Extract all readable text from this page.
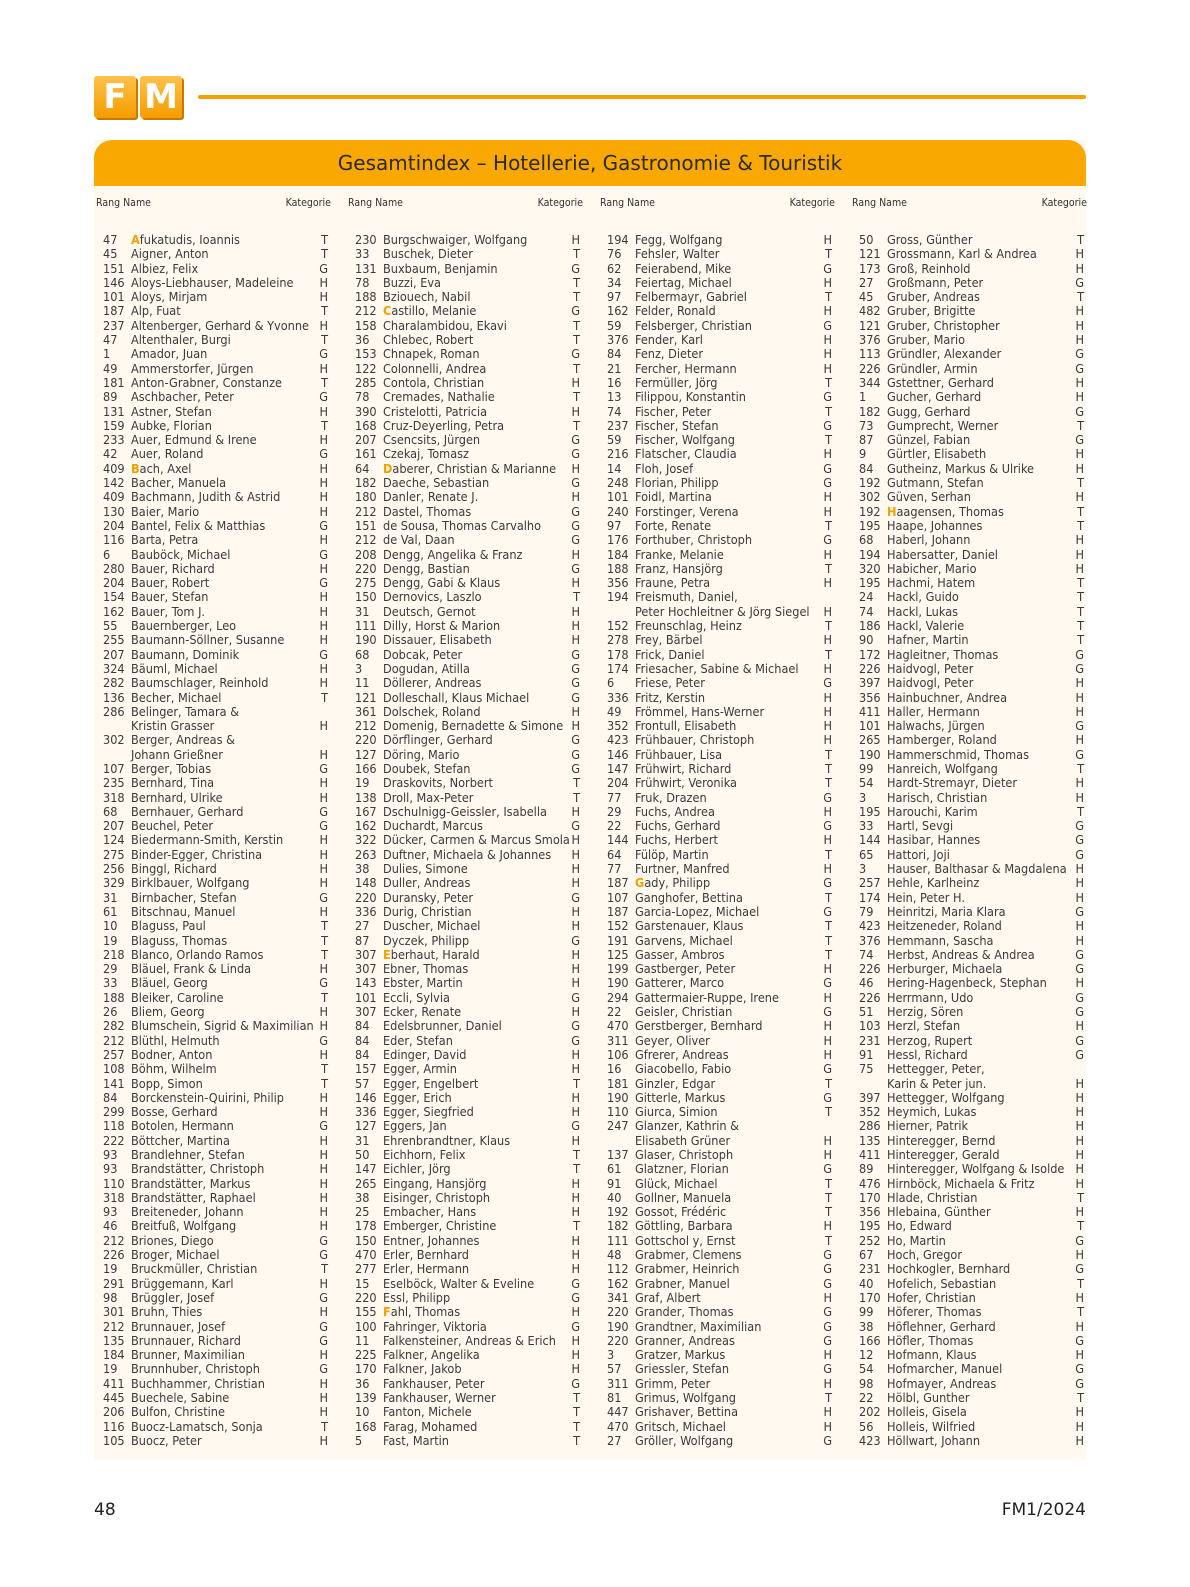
F M
Gesamtindex – Hotellerie, Gastronomie & Touristik
Rang Name	Kategorie Rang Name	Kategorie Rang Name	Kategorie Rang Name	Kategorie
47 Afukatudis, Ioannis	T
45 Aigner, Anton	T
151 Albiez, Felix	G
146 Aloys-Liebhauser, Madeleine H
101 Aloys, Mirjam	H
187 Alp, Fuat	T
237 Altenberger, Gerhard & Yvonne H
47 Altenthaler, Burgi	T
1 Amador, Juan	G
49 Ammerstorfer, Jürgen	H
181 Anton-Grabner, Constanze	T
89 Aschbacher, Peter	G
131 Astner, Stefan	H
159 Aubke, Florian	T
233 Auer, Edmund & Irene	H
42 Auer, Roland	G
409 Bach, Axel	H
142 Bacher, Manuela	H
409 Bachmann, Judith & Astrid	H
130 Baier, Mario	H
204 Bantel, Felix & Matthias	G
116 Barta, Petra	H
6 Bauböck, Michael	G
280 Bauer, Richard	H
204 Bauer, Robert	G
154 Bauer, Stefan	H
162 Bauer, Tom J.	H
55 Bauernberger, Leo	H
255 Baumann-Söllner, Susanne	H
207 Baumann, Dominik	G
324 Bäuml, Michael	H
282 Baumschlager, Reinhold	H
136 Becher, Michael	T
286 Belinger, Tamara &
Kristin Grasser	H
302 Berger, Andreas &
Johann Grießner	H
107 Berger, Tobias	G
235 Bernhard, Tina	H
318 Bernhard, Ulrike	H
68 Bernhauer, Gerhard	G
207 Beuchel, Peter	G
124 Biedermann-Smith, Kerstin	H
275 Binder-Egger, Christina	H
256 Binggl, Richard	H
329 Birklbauer, Wolfgang	H
31 Birnbacher, Stefan	G
61 Bitschnau, Manuel	H
10 Blaguss, Paul	T
19 Blaguss, Thomas	T
218 Blanco, Orlando Ramos	T
29 Bläuel, Frank & Linda	H
33 Bläuel, Georg	G
188 Bleiker, Caroline	T
26 Bliem, Georg	H
282 Blumschein, Sigrid & Maximilian H
212 Blüthl, Helmuth	G
257 Bodner, Anton	H
108 Böhm, Wilhelm	T
141 Bopp, Simon	T
84 Borckenstein-Quirini, Philip	H
299 Bosse, Gerhard	H
118 Botolen, Hermann	G
222 Böttcher, Martina	H
93 Brandlehner, Stefan	H
93 Brandstätter, Christoph	H
110 Brandstätter, Markus	H
318 Brandstätter, Raphael	H
93 Breiteneder, Johann	H
46 Breitfuß, Wolfgang	H
212 Briones, Diego	G
226 Broger, Michael	G
19 Bruckmüller, Christian	T
291 Brüggemann, Karl	H
98 Brüggler, Josef	G
301 Bruhn, Thies	H
212 Brunnauer, Josef	G
135 Brunnauer, Richard	G
184 Brunner, Maximilian	H
19 Brunnhuber, Christoph	G
411 Buchhammer, Christian	H
445 Buechele, Sabine	H
206 Bulfon, Christine	H
116 Buocz-Lamatsch, Sonja	T
105 Buocz, Peter	H
230 Burgschwaiger, Wolfgang	H
33 Buschek, Dieter	T
131 Buxbaum, Benjamin	G
78 Buzzi, Eva	T
188 Bziouech, Nabil	T
212 Castillo, Melanie	G
158 Charalambidou, Ekavi	T
36 Chlebec, Robert	T
153 Chnapek, Roman	G
122 Colonnelli, Andrea	T
285 Contola, Christian	H
78 Cremades, Nathalie	T
390 Cristelotti, Patricia	H
168 Cruz-Deyerling, Petra	T
207 Csencsits, Jürgen	G
161 Czekaj, Tomasz	G
64 Daberer, Christian & Marianne H
182 Daeche, Sebastian	G
180 Danler, Renate J.	H
212 Dastel, Thomas	G
151 de Sousa, Thomas Carvalho G
212 de Val, Daan	G
208 Dengg, Angelika & Franz	H
220 Dengg, Bastian	G
275 Dengg, Gabi & Klaus	H
150 Dernovics, Laszlo	T
31 Deutsch, Gernot	H
111 Dilly, Horst & Marion	H
190 Dissauer, Elisabeth	H
68 Dobcak, Peter	G
3 Dogudan, Atilla	G
11 Döllerer, Andreas	G
121 Dolleschall, Klaus Michael	G
361 Dolschek, Roland	H
212 Domenig, Bernadette & Simone H
220 Dörflinger, Gerhard	G
127 Döring, Mario	G
166 Doubek, Stefan	G
19 Draskovits, Norbert	T
138 Droll, Max-Peter	T
167 Dschulnigg-Geissler, Isabella H
162 Duchardt, Marcus	G
322 Dücker, Carmen & Marcus Smola H
263 Duftner, Michaela & Johannes H
38 Dulies, Simone	H
148 Duller, Andreas	H
220 Duransky, Peter	G
336 Durig, Christian	H
27 Duscher, Michael	H
87 Dyczek, Philipp	G
307 Eberhaut, Harald	H
307 Ebner, Thomas	H
143 Ebster, Martin	H
101 Eccli, Sylvia	G
307 Ecker, Renate	H
84 Edelsbrunner, Daniel	G
84 Eder, Stefan	G
84 Edinger, David	H
157 Egger, Armin	H
57 Egger, Engelbert	T
146 Egger, Erich	H
336 Egger, Siegfried	H
127 Eggers, Jan	G
31 Ehrenbrandtner, Klaus	H
50 Eichhorn, Felix	T
147 Eichler, Jörg	T
265 Eingang, Hansjörg	H
38 Eisinger, Christoph	H
25 Embacher, Hans	H
178 Emberger, Christine	T
150 Entner, Johannes	H
470 Erler, Bernhard	H
277 Erler, Hermann	H
15 Eselböck, Walter & Eveline	G
220 Essl, Philipp	G
155 Fahl, Thomas	H
100 Fahringer, Viktoria	G
11 Falkensteiner, Andreas & Erich H
225 Falkner, Angelika	H
170 Falkner, Jakob	H
36 Fankhauser, Peter	G
139 Fankhauser, Werner	T
10 Fanton, Michele	T
168 Farag, Mohamed	T
5 Fast, Martin	T
194 Fegg, Wolfgang	H
76 Fehsler, Walter	T
62 Feierabend, Mike	G
34 Feiertag, Michael	H
97 Felbermayr, Gabriel	T
162 Felder, Ronald	H
59 Felsberger, Christian	G
376 Fender, Karl	H
84 Fenz, Dieter	H
21 Fercher, Hermann	H
16 Fermüller, Jörg	T
13 Filippou, Konstantin	G
74 Fischer, Peter	T
237 Fischer, Stefan	G
59 Fischer, Wolfgang	T
216 Flatscher, Claudia	H
14 Floh, Josef	G
248 Florian, Philipp	G
101 Foidl, Martina	H
240 Forstinger, Verena	H
97 Forte, Renate	T
176 Forthuber, Christoph	G
184 Franke, Melanie	H
188 Franz, Hansjörg	T
356 Fraune, Petra	H
194 Freismuth, Daniel,
Peter Hochleitner & Jörg Siegel H
152 Freunschlag, Heinz	T
278 Frey, Bärbel	H
178 Frick, Daniel	T
174 Friesacher, Sabine & Michael H
6 Friese, Peter	G
336 Fritz, Kerstin	H
49 Frömmel, Hans-Werner	H
352 Frontull, Elisabeth	H
423 Frühbauer, Christoph	H
146 Frühbauer, Lisa	T
147 Frühwirt, Richard	T
204 Frühwirt, Veronika	T
77 Fruk, Drazen	G
29 Fuchs, Andrea	H
22 Fuchs, Gerhard	G
144 Fuchs, Herbert	H
64 Fülöp, Martin	T
77 Furtner, Manfred	H
187 Gady, Philipp	G
107 Ganghofer, Bettina	T
187 Garcia-Lopez, Michael	G
152 Garstenauer, Klaus	T
191 Garvens, Michael	T
125 Gasser, Ambros	T
199 Gastberger, Peter	H
190 Gatterer, Marco	G
294 Gattermaier-Ruppe, Irene	H
22 Geisler, Christian	G
470 Gerstberger, Bernhard	H
311 Geyer, Oliver	H
106 Gfrerer, Andreas	H
16 Giacobello, Fabio	G
181 Ginzler, Edgar	T
190 Gitterle, Markus	G
110 Giurca, Simion	T
247 Glanzer, Kathrin &
Elisabeth Grüner	H
137 Glaser, Christoph	H
61 Glatzner, Florian	G
91 Glück, Michael	T
40 Gollner, Manuela	T
192 Gossot, Frédéric	T
182 Göttling, Barbara	H
111 Gottschol y, Ernst	T
48 Grabmer, Clemens	G
112 Grabmer, Heinrich	G
162 Grabner, Manuel	G
341 Graf, Albert	H
220 Grander, Thomas	G
190 Grandtner, Maximilian	G
220 Granner, Andreas	G
3 Gratzer, Markus	H
57 Griessler, Stefan	G
311 Grimm, Peter	H
81 Grimus, Wolfgang	T
447 Grishaver, Bettina	H
470 Gritsch, Michael	H
27 Gröller, Wolfgang	G
50 Gross, Günther	T
121 Grossmann, Karl & Andrea	H
173 Groß, Reinhold	H
27 Großmann, Peter	G
45 Gruber, Andreas	T
482 Gruber, Brigitte	H
121 Gruber, Christopher	H
376 Gruber, Mario	H
113 Gründler, Alexander	G
226 Gründler, Armin	G
344 Gstettner, Gerhard	H
1 Gucher, Gerhard	H
182 Gugg, Gerhard	G
73 Gumprecht, Werner	T
87 Günzel, Fabian	G
9 Gürtler, Elisabeth	H
84 Gutheinz, Markus & Ulrike	H
192 Gutmann, Stefan	T
302 Güven, Serhan	H
192 Haagensen, Thomas	T
195 Haape, Johannes	T
68 Haberl, Johann	H
194 Habersatter, Daniel	H
320 Habicher, Mario	H
195 Hachmi, Hatem	T
24 Hackl, Guido	T
74 Hackl, Lukas	T
186 Hackl, Valerie	T
90 Hafner, Martin	T
172 Hagleitner, Thomas	G
226 Haidvogl, Peter	G
397 Haidvogl, Peter	H
356 Hainbuchner, Andrea	H
411 Haller, Hermann	H
101 Halwachs, Jürgen	G
265 Hamberger, Roland	H
190 Hammerschmid, Thomas	G
99 Hanreich, Wolfgang	T
54 Hardt-Stremayr, Dieter	H
3 Harisch, Christian	H
195 Harouchi, Karim	T
33 Hartl, Sevgi	G
144 Hasibar, Hannes	G
65 Hattori, Joji	G
3 Hauser, Balthasar & Magdalena H
257 Hehle, Karlheinz	H
174 Hein, Peter H.	H
79 Heinritzi, Maria Klara	G
423 Heitzeneder, Roland	H
376 Hemmann, Sascha	H
74 Herbst, Andreas & Andrea	G
226 Herburger, Michaela	G
46 Hering-Hagenbeck, Stephan H
226 Herrmann, Udo	G
51 Herzig, Sören	G
103 Herzl, Stefan	H
231 Herzog, Rupert	G
91 Hessl, Richard	G
75 Hettegger, Peter,
Karin & Peter jun.	H
397 Hettegger, Wolfgang	H
352 Heymich, Lukas	H
286 Hierner, Patrik	H
135 Hinteregger, Bernd	H
411 Hinteregger, Gerald	H
89 Hinteregger, Wolfgang & Isolde H
476 Hirnböck, Michaela & Fritz	H
170 Hlade, Christian	T
356 Hlebaina, Günther	H
195 Ho, Edward	T
252 Ho, Martin	G
67 Hoch, Gregor	H
231 Hochkogler, Bernhard	G
40 Hofelich, Sebastian	T
170 Hofer, Christian	H
99 Höferer, Thomas	T
38 Höflehner, Gerhard	H
166 Höfler, Thomas	G
12 Hofmann, Klaus	H
54 Hofmarcher, Manuel	G
98 Hofmayer, Andreas	G
22 Hölbl, Gunther	T
202 Holleis, Gisela	H
56 Holleis, Wilfried	H
423 Höllwart, Johann	H
48	FM1/2024
